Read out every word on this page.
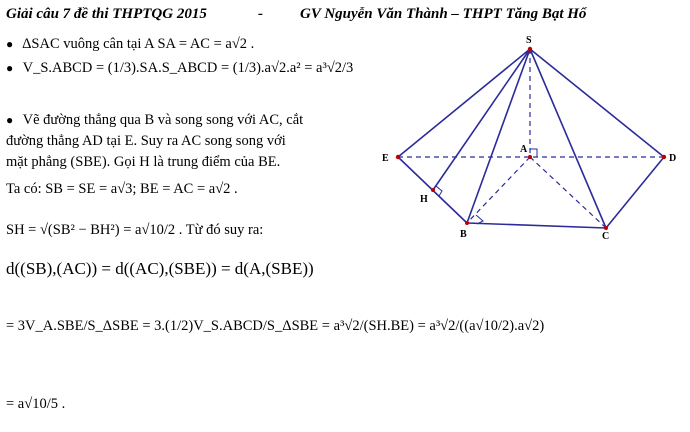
Giải câu 7 đề thi THPTQG 2015	- GV Nguyễn Văn Thành – THPT Tăng Bạt Hổ
● ΔSAC vuông cân tại A SA = AC = a√2 .
● V_S.ABCD = (1/3).SA.S_ABCD = (1/3).a√2.a² = a³√2/3
● Vẽ đường thẳng qua B và song song với AC, cắt
đường thẳng AD tại E. Suy ra AC song song với
mặt phẳng (SBE). Gọi H là trung điểm của BE.
Ta có: SB = SE = a√3; BE = AC = a√2 .
SH = √(SB² − BH²) = a√10/2 . Từ đó suy ra:
d((SB),(AC)) = d((AC),(SBE)) = d(A,(SBE))
= 3V_A.SBE/S_ΔSBE = 3.(1/2)V_S.ABCD/S_ΔSBE = a³√2/(SH.BE) = a³√2/((a√10/2).a√2)
= a√10/5 .
S
E	D
A
B	C
H
